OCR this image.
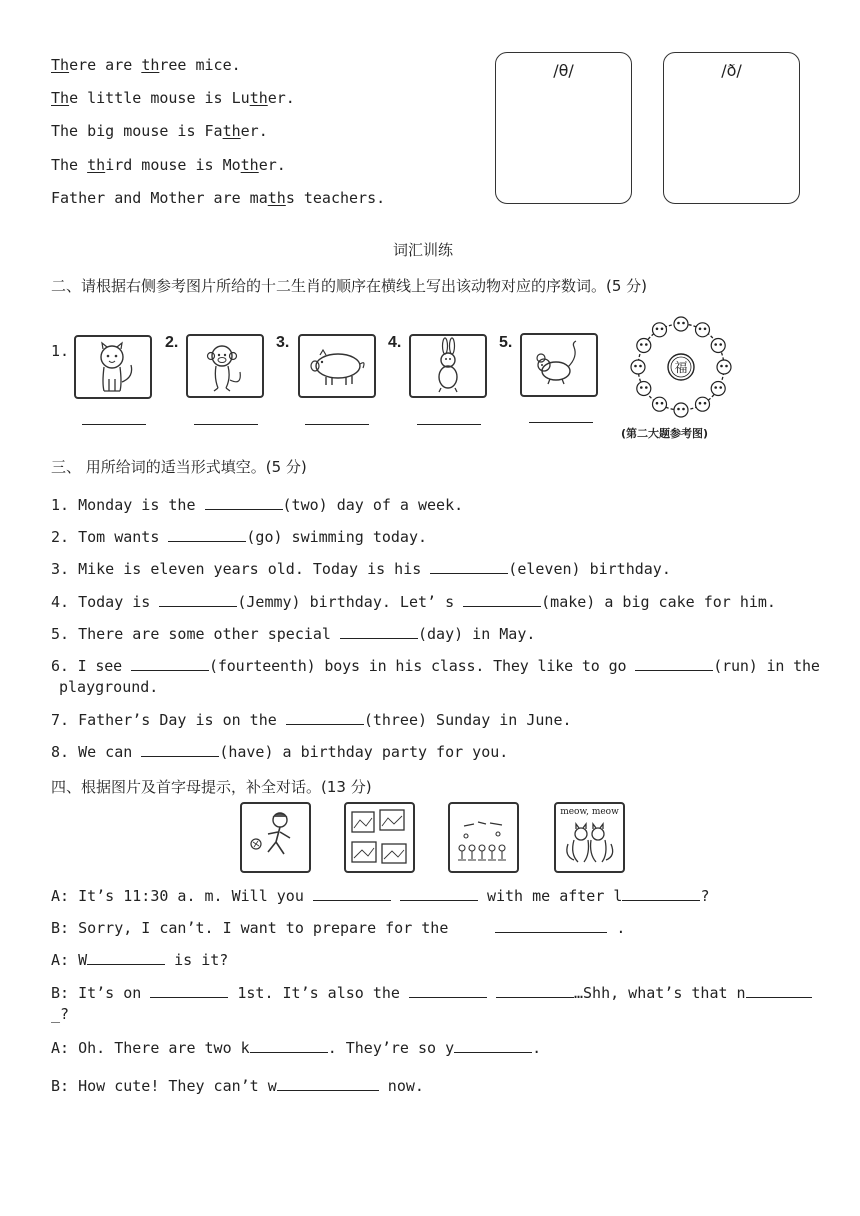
There are three mice.
The little mouse is Luther.
The big mouse is Father.
The third mouse is Mother.
Father and Mother are maths teachers.
/θ/	/ð/
词汇训练
二、请根据右侧参考图片所给的十二生肖的顺序在横线上写出该动物对应的序数词。(5 分)
1.	2.	3.	4.	5.
福
(第二大题参考图)
三、 用所给词的适当形式填空。(5 分)
1. Monday is the	(two) day of a week.
2. Tom wants	(go) swimming today.
3. Mike is eleven years old. Today is his	(eleven) birthday.
4. Today is	(Jemmy) birthday. Let’ s	(make) a big cake for him.
5. There are some other special	(day) in May.
6. I see	(fourteenth) boys in his class. They like to go	(run) in the
playground.
7. Father’s Day is on the	(three) Sunday in June.
8. We can	(have) a birthday party for you.
四、根据图片及首字母提示，补全对话。(13 分)
meow, meow
A: It’s 11:30 a. m. Will you	with me after l	?
B: Sorry, I can’t. I want to prepare for the	.
A: W	is it?
B: It’s on	1st. It’s also the	…Shh, what’s that n
_?
A: Oh. There are two k	. They’re so y	.
B: How cute! They can’t w	now.
